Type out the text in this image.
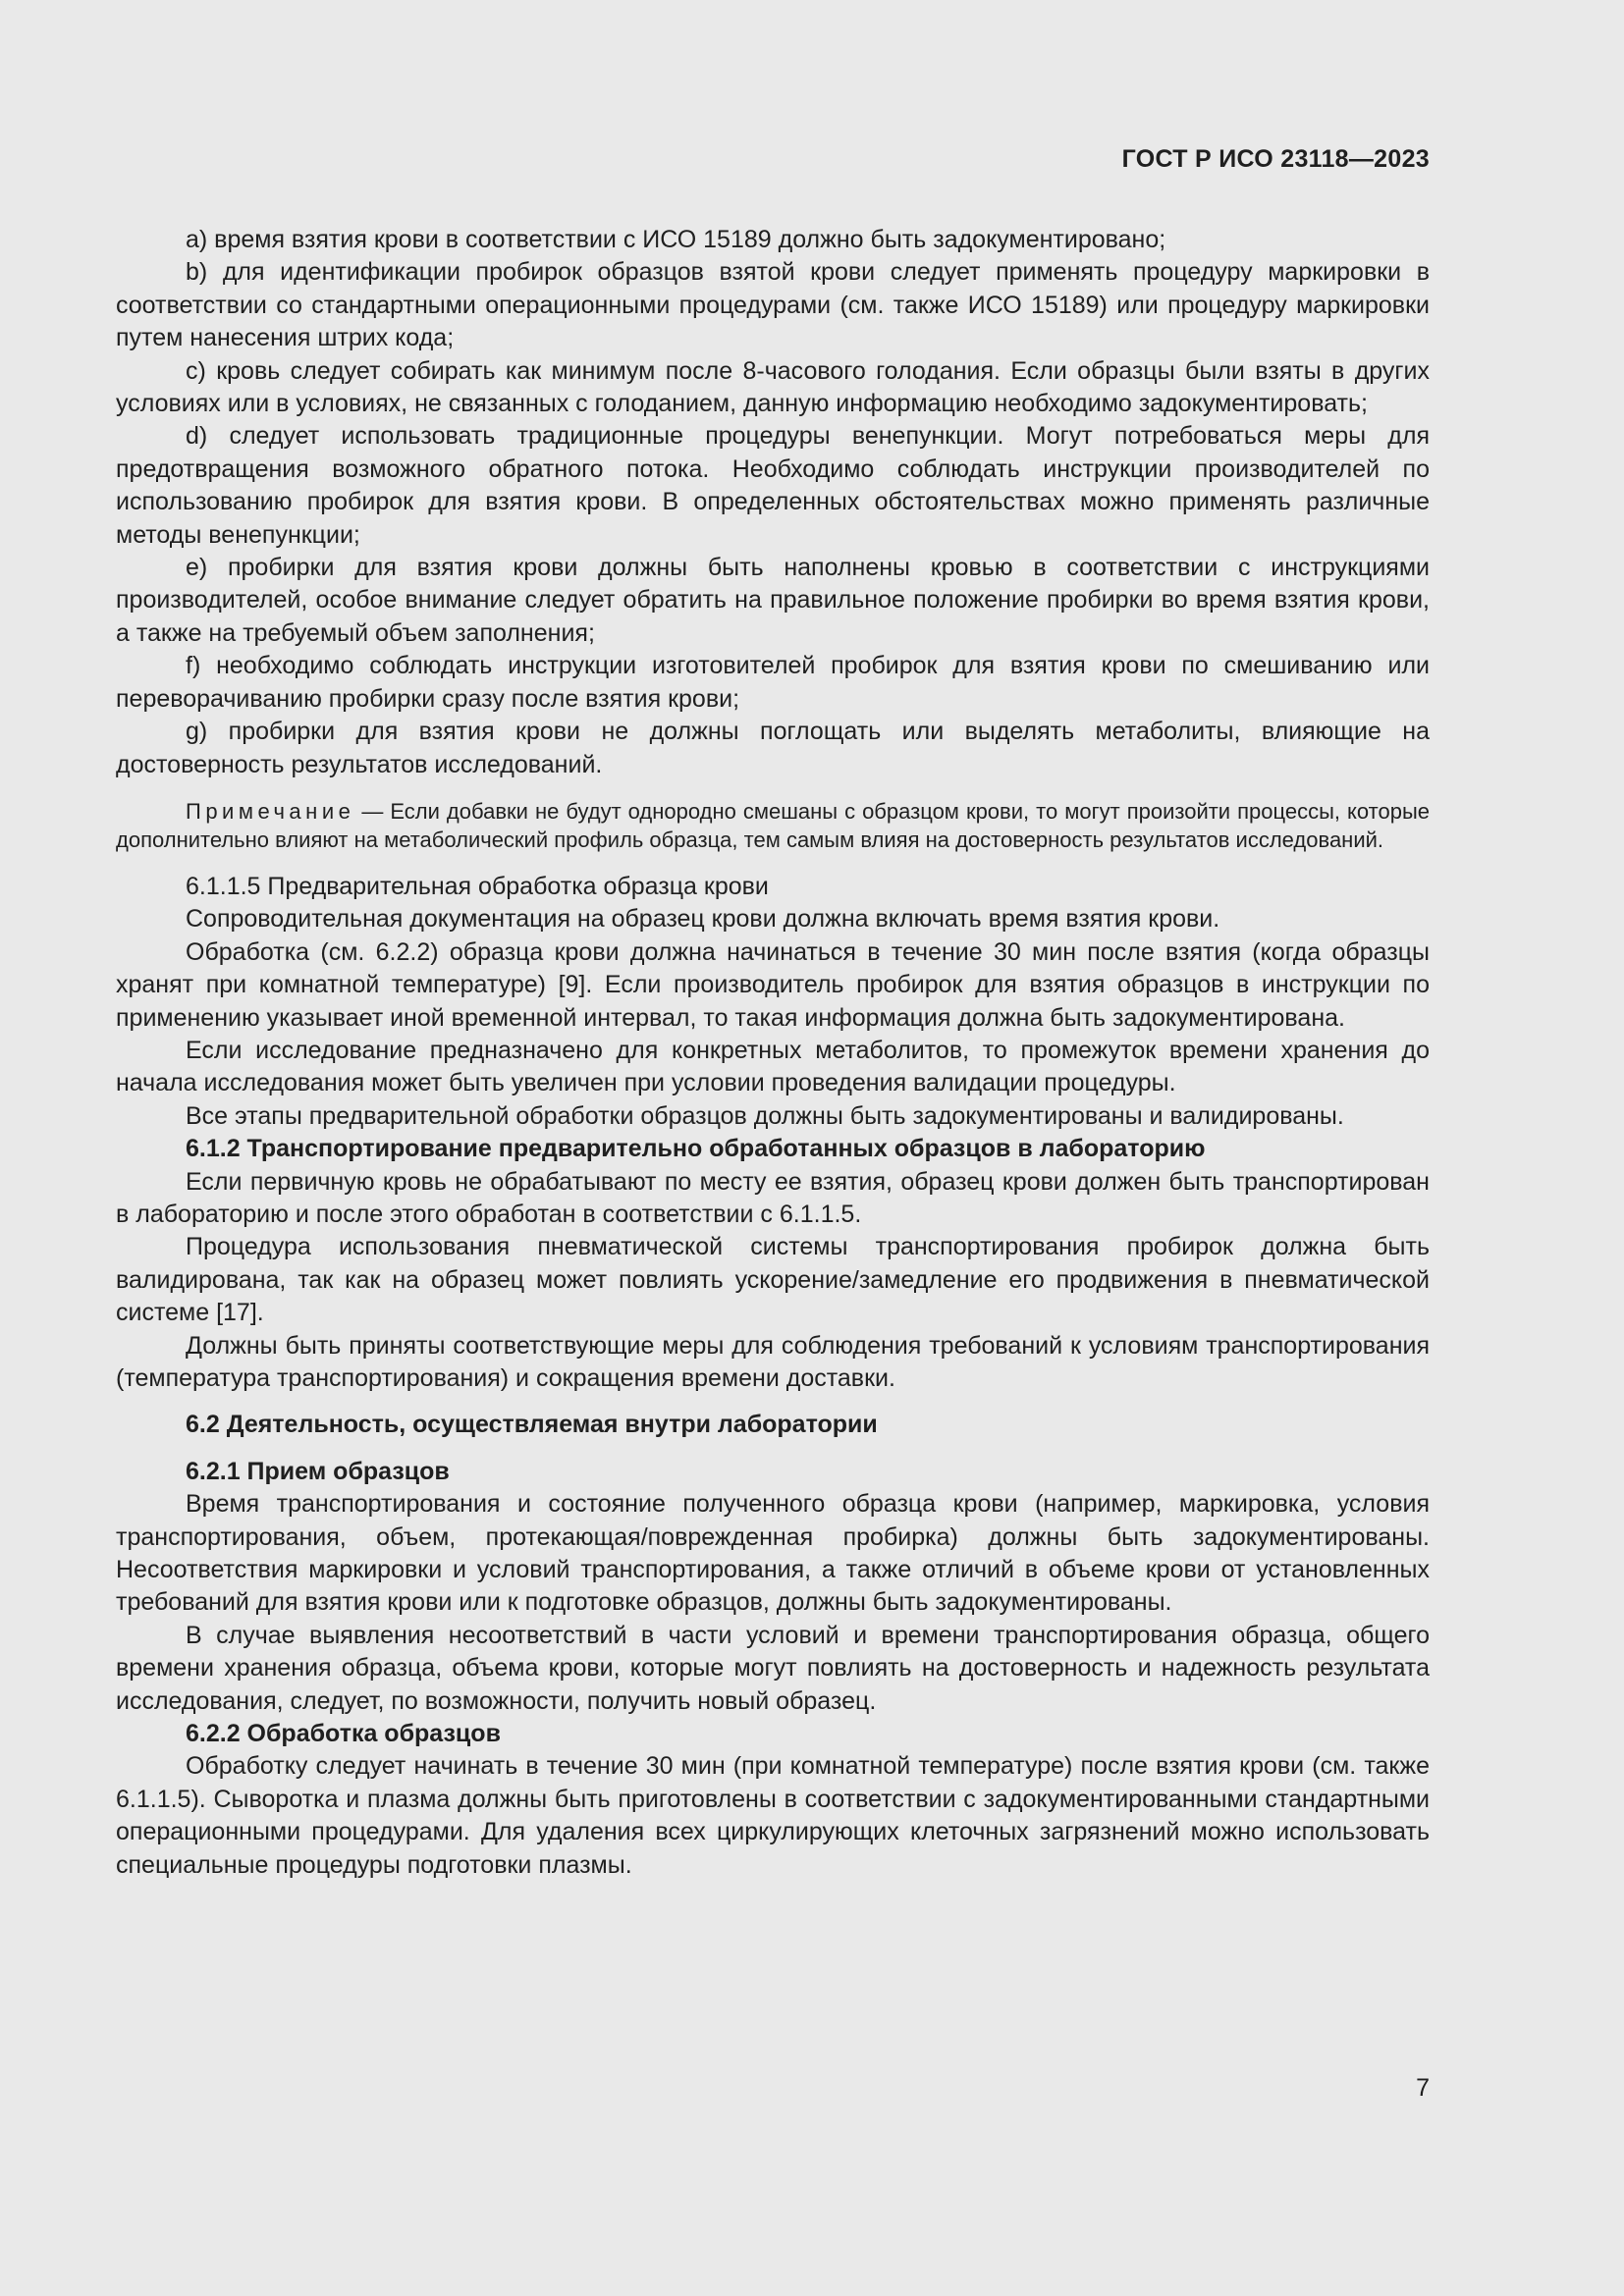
ГОСТ Р ИСО 23118—2023

а) время взятия крови в соответствии с ИСО 15189 должно быть задокументировано;

b) для идентификации пробирок образцов взятой крови следует применять процедуру маркировки в соответствии со стандартными операционными процедурами (см. также ИСО 15189) или процедуру маркировки путем нанесения штрих кода;

с) кровь следует собирать как минимум после 8-часового голодания. Если образцы были взяты в других условиях или в условиях, не связанных с голоданием, данную информацию необходимо задокументировать;

d) следует использовать традиционные процедуры венепункции. Могут потребоваться меры для предотвращения возможного обратного потока. Необходимо соблюдать инструкции производителей по использованию пробирок для взятия крови. В определенных обстоятельствах можно применять различные методы венепункции;

е) пробирки для взятия крови должны быть наполнены кровью в соответствии с инструкциями производителей, особое внимание следует обратить на правильное положение пробирки во время взятия крови, а также на требуемый объем заполнения;

f) необходимо соблюдать инструкции изготовителей пробирок для взятия крови по смешиванию или переворачиванию пробирки сразу после взятия крови;

g) пробирки для взятия крови не должны поглощать или выделять метаболиты, влияющие на достоверность результатов исследований.

Примечание — Если добавки не будут однородно смешаны с образцом крови, то могут произойти процессы, которые дополнительно влияют на метаболический профиль образца, тем самым влияя на достоверность результатов исследований.

6.1.1.5 Предварительная обработка образца крови

Сопроводительная документация на образец крови должна включать время взятия крови.

Обработка (см. 6.2.2) образца крови должна начинаться в течение 30 мин после взятия (когда образцы хранят при комнатной температуре) [9]. Если производитель пробирок для взятия образцов в инструкции по применению указывает иной временной интервал, то такая информация должна быть задокументирована.

Если исследование предназначено для конкретных метаболитов, то промежуток времени хранения до начала исследования может быть увеличен при условии проведения валидации процедуры.

Все этапы предварительной обработки образцов должны быть задокументированы и валидированы.

6.1.2 Транспортирование предварительно обработанных образцов в лабораторию

Если первичную кровь не обрабатывают по месту ее взятия, образец крови должен быть транспортирован в лабораторию и после этого обработан в соответствии с 6.1.1.5.

Процедура использования пневматической системы транспортирования пробирок должна быть валидирована, так как на образец может повлиять ускорение/замедление его продвижения в пневматической системе [17].

Должны быть приняты соответствующие меры для соблюдения требований к условиям транспортирования (температура транспортирования) и сокращения времени доставки.

6.2 Деятельность, осуществляемая внутри лаборатории

6.2.1 Прием образцов

Время транспортирования и состояние полученного образца крови (например, маркировка, условия транспортирования, объем, протекающая/поврежденная пробирка) должны быть задокументированы. Несоответствия маркировки и условий транспортирования, а также отличий в объеме крови от установленных требований для взятия крови или к подготовке образцов, должны быть задокументированы.

В случае выявления несоответствий в части условий и времени транспортирования образца, общего времени хранения образца, объема крови, которые могут повлиять на достоверность и надежность результата исследования, следует, по возможности, получить новый образец.

6.2.2 Обработка образцов

Обработку следует начинать в течение 30 мин (при комнатной температуре) после взятия крови (см. также 6.1.1.5). Сыворотка и плазма должны быть приготовлены в соответствии с задокументированными стандартными операционными процедурами. Для удаления всех циркулирующих клеточных загрязнений можно использовать специальные процедуры подготовки плазмы.

7
